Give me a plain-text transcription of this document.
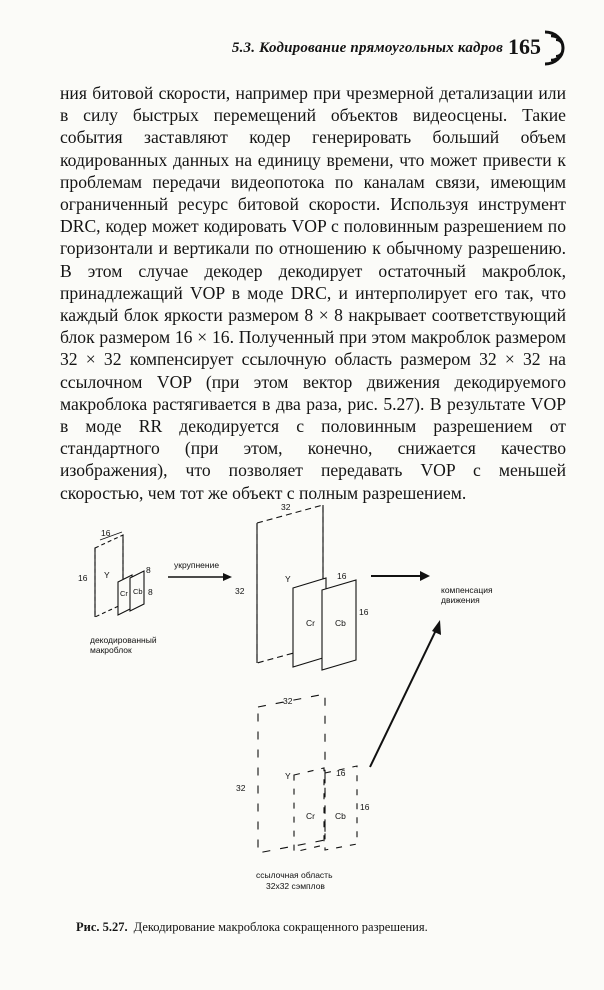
5.3. Кодирование прямоугольных кадров 165

ния битовой скорости, например при чрезмерной детализации или в силу быстрых перемещений объектов видеосцены. Такие события заставляют кодер генерировать больший объем кодированных данных на единицу времени, что может привести к проблемам передачи видеопотока по каналам связи, имеющим ограниченный ресурс битовой скорости. Используя инструмент DRC, кодер может кодировать VOP с половинным разрешением по горизонтали и вертикали по отношению к обычному разрешению. В этом случае декодер декодирует остаточный макроблок, принадлежащий VOP в моде DRC, и интерполирует его так, что каждый блок яркости размером 8 × 8 накрывает соответствующий блок размером 16 × 16. Полученный при этом макроблок размером 32 × 32 компенсирует ссылочную область размером 32 × 32 на ссылочном VOP (при этом вектор движения декодируемого макроблока растягивается в два раза, рис. 5.27). В результате VOP в моде RR декодируется с половинным разрешением от стандартного (при этом, конечно, снижается качество изображения), что позволяет передавать VOP с меньшей скоростью, чем тот же объект с полным разрешением.

16
16 Y
Cr Cb
8
8
декодированный
макроблок
укрупнение
32
32
Y
Cr Cb
16
16
компенсация
движения
32
32
Y
Cr Cb
16
16
ссылочная область
32x32 сэмплов
Рис. 5.27. Декодирование макроблока сокращенного разрешения.
